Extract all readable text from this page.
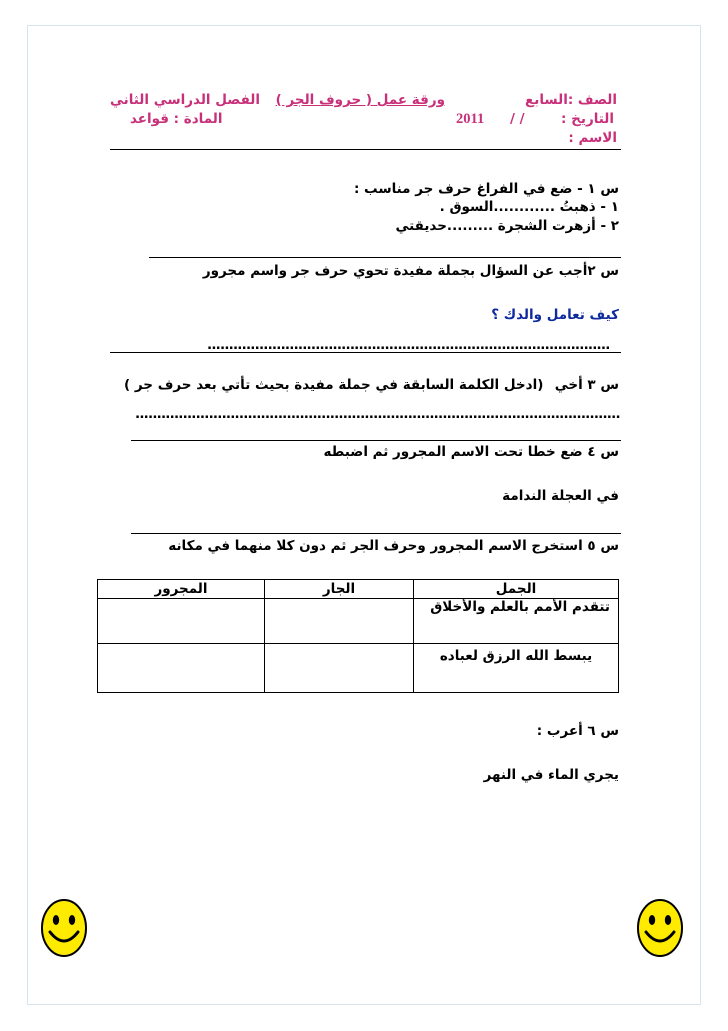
الصف :السابع
ورقة عمل ( حروف الجر )
الفصل الدراسي الثاني
التاريخ :
/ /
2011
المادة : قواعد
الاسم :
س ١ - ضع في الفراغ حرف جر مناسب :
١ - ذهبتُ ............السوق .
٢ - أزهرت الشجرة .........حديقتي
س ٢أجب عن السؤال بجملة مفيدة تحوي حرف جر واسم مجرور
كيف تعامل والدك ؟
.............................................................................................
س ٣ أخي
(ادخل الكلمة السابقة في جملة مفيدة بحيث تأتي بعد حرف جر )
................................................................................................................
س ٤ ضع خطا تحت الاسم المجرور ثم اضبطه
في العجلة الندامة
س ٥ استخرج الاسم المجرور وحرف الجر ثم دون كلا منهما في مكانه
الجمل	الجار	المجرور
تتقدم الأمم بالعلم والأخلاق		
يبسط الله الرزق لعباده		
س ٦ أعرب :
يجري الماء في النهر
